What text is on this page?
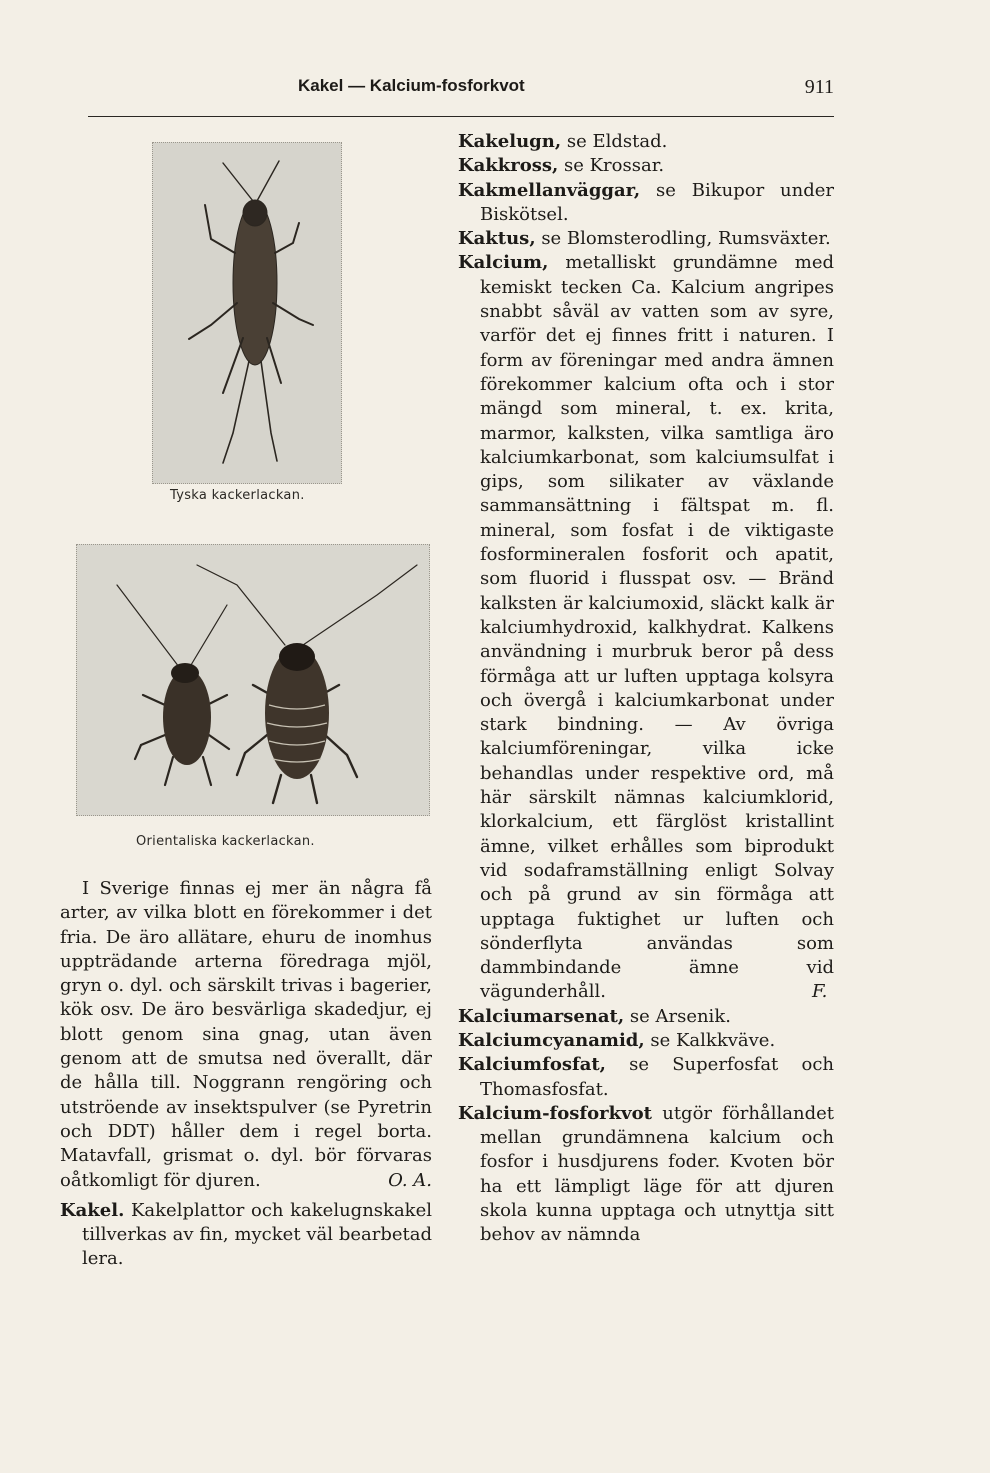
Kakel — Kalcium-fosforkvot	911
Tyska kackerlackan.
Orientaliska kackerlackan.

I Sverige finnas ej mer än några få arter, av vilka blott en förekommer i det fria. De äro allätare, ehuru de inomhus uppträdande arterna föredraga mjöl, gryn o. dyl. och särskilt trivas i bagerier, kök osv. De äro besvärliga skadedjur, ej blott genom sina gnag, utan även genom att de smutsa ned överallt, där de hålla till. Noggrann rengöring och utströende av insektspulver (se Pyretrin och DDT) håller dem i regel borta. Matavfall, grismat o. dyl. bör förvaras oåtkomligt för djuren.	O. A.

Kakel. Kakelplattor och kakelugnskakel tillverkas av fin, mycket väl bearbetad lera.

Kakelugn, se Eldstad.

Kakkross, se Krossar.

Kakmellanväggar, se Bikupor under Biskötsel.

Kaktus, se Blomsterodling, Rumsväxter.

Kalcium, metalliskt grundämne med kemiskt tecken Ca. Kalcium angripes snabbt såväl av vatten som av syre, varför det ej finnes fritt i naturen. I form av föreningar med andra ämnen förekommer kalcium ofta och i stor mängd som mineral, t. ex. krita, marmor, kalksten, vilka samtliga äro kalciumkarbonat, som kalciumsulfat i gips, som silikater av växlande sammansättning i fältspat m. fl. mineral, som fosfat i de viktigaste fosformineralen fosforit och apatit, som fluorid i flusspat osv. — Bränd kalksten är kalciumoxid, släckt kalk är kalciumhydroxid, kalkhydrat. Kalkens användning i murbruk beror på dess förmåga att ur luften upptaga kolsyra och övergå i kalciumkarbonat under stark bindning. — Av övriga kalciumföreningar, vilka icke behandlas under respektive ord, må här särskilt nämnas kalciumklorid, klorkalcium, ett färglöst kristallint ämne, vilket erhålles som biprodukt vid sodaframställning enligt Solvay och på grund av sin förmåga att upptaga fuktighet ur luften och sönderflyta användas som dammbindande ämne vid vägunderhåll.	F.

Kalciumarsenat, se Arsenik.

Kalciumcyanamid, se Kalkkväve.

Kalciumfosfat, se Superfosfat och Thomasfosfat.

Kalcium-fosforkvot utgör förhållandet mellan grundämnena kalcium och fosfor i husdjurens foder. Kvoten bör ha ett lämpligt läge för att djuren skola kunna upptaga och utnyttja sitt behov av nämnda
